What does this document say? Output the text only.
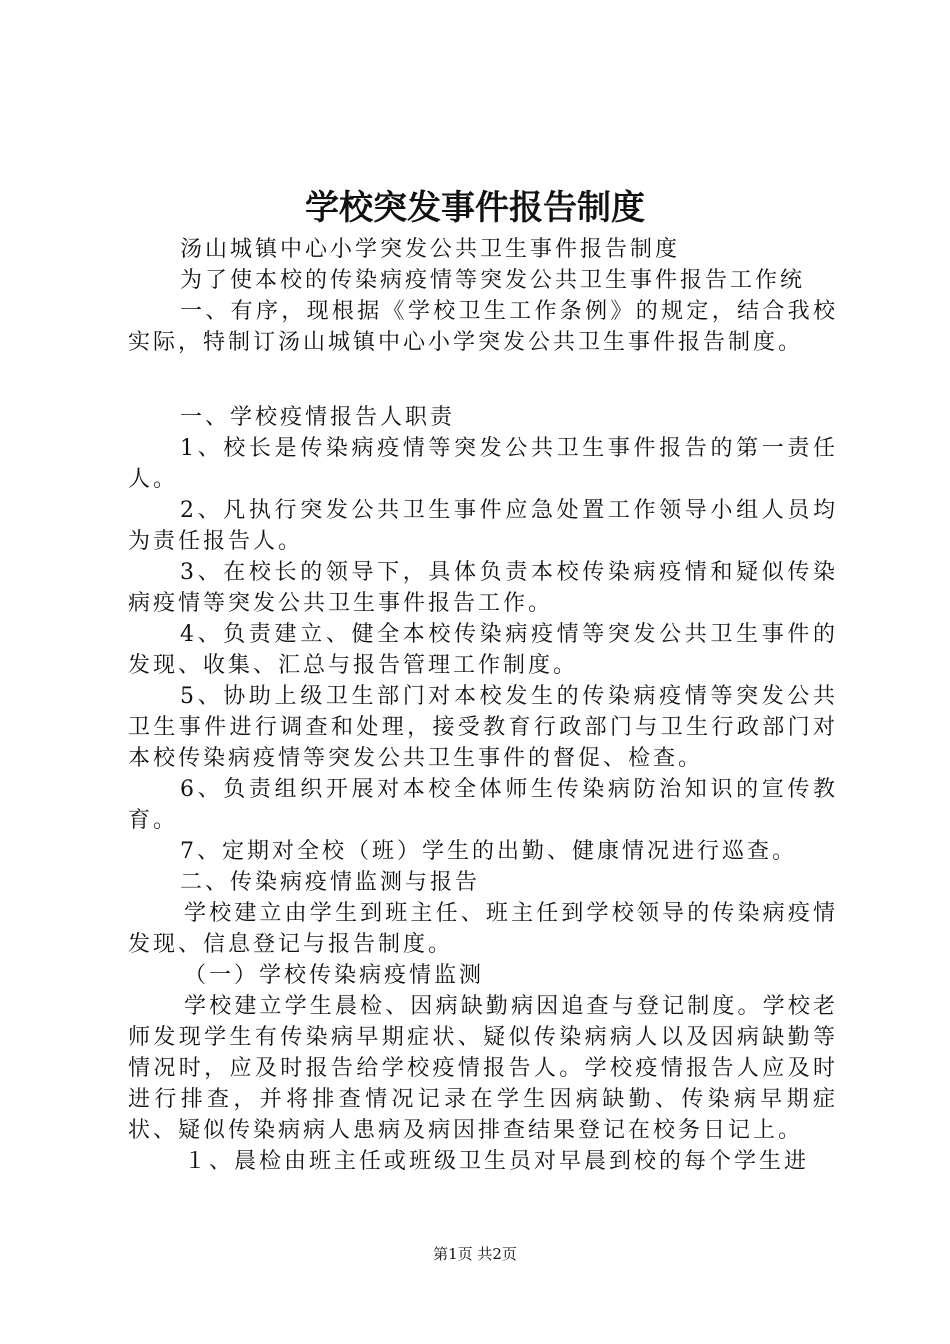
学校突发事件报告制度

汤山城镇中心小学突发公共卫生事件报告制度

为了使本校的传染病疫情等突发公共卫生事件报告工作统

一、有序，现根据《学校卫生工作条例》的规定，结合我校实际，特制订汤山城镇中心小学突发公共卫生事件报告制度。

一、学校疫情报告人职责

1、校长是传染病疫情等突发公共卫生事件报告的第一责任人。

2、凡执行突发公共卫生事件应急处置工作领导小组人员均为责任报告人。

3、在校长的领导下，具体负责本校传染病疫情和疑似传染病疫情等突发公共卫生事件报告工作。

4、负责建立、健全本校传染病疫情等突发公共卫生事件的发现、收集、汇总与报告管理工作制度。

5、协助上级卫生部门对本校发生的传染病疫情等突发公共卫生事件进行调查和处理，接受教育行政部门与卫生行政部门对本校传染病疫情等突发公共卫生事件的督促、检查。

6、负责组织开展对本校全体师生传染病防治知识的宣传教育。

7、定期对全校（班）学生的出勤、健康情况进行巡查。

二、传染病疫情监测与报告

学校建立由学生到班主任、班主任到学校领导的传染病疫情发现、信息登记与报告制度。

（一）学校传染病疫情监测

学校建立学生晨检、因病缺勤病因追查与登记制度。学校老师发现学生有传染病早期症状、疑似传染病病人以及因病缺勤等情况时，应及时报告给学校疫情报告人。学校疫情报告人应及时进行排查，并将排查情况记录在学生因病缺勤、传染病早期症状、疑似传染病病人患病及病因排查结果登记在校务日记上。

１、晨检由班主任或班级卫生员对早晨到校的每个学生进

第1页 共2页
